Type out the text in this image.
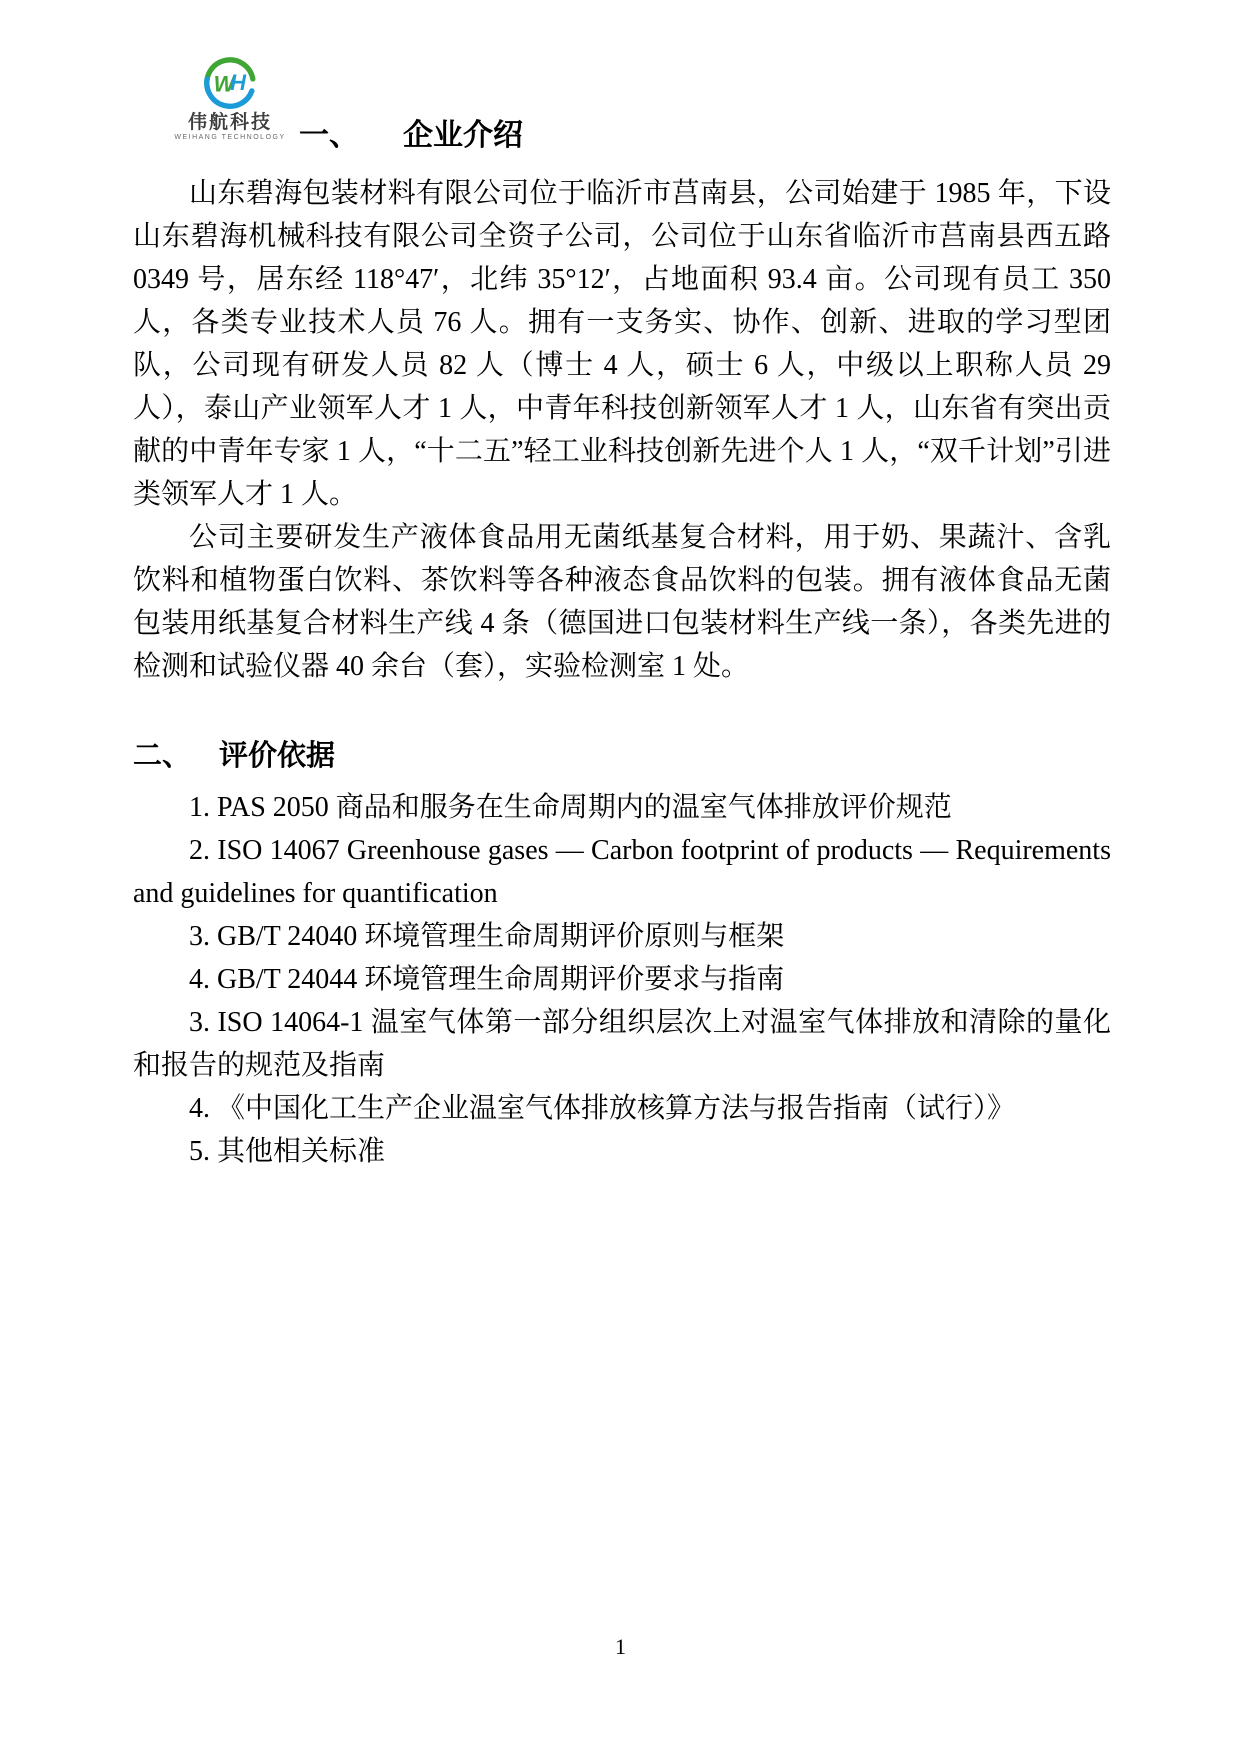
W
H
伟航科技
WEIHANG TECHNOLOGY 一、 企业介绍

山东碧海包装材料有限公司位于临沂市莒南县，公司始建于 1985 年，下设山东碧海机械科技有限公司全资子公司，公司位于山东省临沂市莒南县西五路 0349 号，居东经 118°47′，北纬 35°12′，占地面积 93.4 亩。公司现有员工 350 人，各类专业技术人员 76 人。拥有一支务实、协作、创新、进取的学习型团队，公司现有研发人员 82 人（博士 4 人，硕士 6 人，中级以上职称人员 29 人），泰山产业领军人才 1 人，中青年科技创新领军人才 1 人，山东省有突出贡献的中青年专家 1 人，“十二五”轻工业科技创新先进个人 1 人，“双千计划”引进类领军人才 1 人。

公司主要研发生产液体食品用无菌纸基复合材料，用于奶、果蔬汁、含乳饮料和植物蛋白饮料、茶饮料等各种液态食品饮料的包装。拥有液体食品无菌包装用纸基复合材料生产线 4 条（德国进口包装材料生产线一条），各类先进的检测和试验仪器 40 余台（套），实验检测室 1 处。

二、 评价依据

1. PAS 2050 商品和服务在生命周期内的温室气体排放评价规范

2. ISO 14067 Greenhouse gases — Carbon footprint of products — Requirements and guidelines for quantification

3. GB/T 24040 环境管理生命周期评价原则与框架

4. GB/T 24044 环境管理生命周期评价要求与指南

3. ISO 14064-1 温室气体第一部分组织层次上对温室气体排放和清除的量化和报告的规范及指南

4. 《中国化工生产企业温室气体排放核算方法与报告指南（试行）》

5. 其他相关标准

1
